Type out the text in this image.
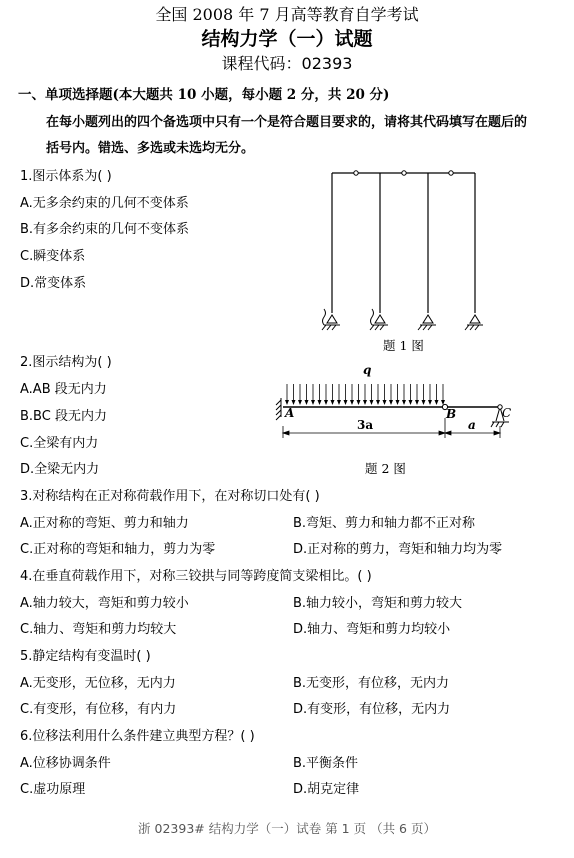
全国 2008 年 7 月高等教育自学考试
结构力学（一）试题
课程代码：02393
一、单项选择题(本大题共 10 小题，每小题 2 分，共 20 分)
在每小题列出的四个备选项中只有一个是符合题目要求的，请将其代码填写在题后的
括号内。错选、多选或未选均无分。
1.图示体系为( )
A.无多余约束的几何不变体系
B.有多余约束的几何不变体系
C.瞬变体系
D.常变体系
题 1 图
2.图示结构为( )
A.AB 段无内力
B.BC 段无内力
C.全梁有内力
D.全梁无内力
q
A	B	C
3a	a
题 2 图
3.对称结构在正对称荷载作用下，在对称切口处有( )
A.正对称的弯矩、剪力和轴力	B.弯矩、剪力和轴力都不正对称
C.正对称的弯矩和轴力，剪力为零	D.正对称的剪力，弯矩和轴力均为零
4.在垂直荷载作用下，对称三铰拱与同等跨度简支梁相比。( )
A.轴力较大，弯矩和剪力较小	B.轴力较小，弯矩和剪力较大
C.轴力、弯矩和剪力均较大	D.轴力、弯矩和剪力均较小
5.静定结构有变温时( )
A.无变形，无位移，无内力	B.无变形，有位移，无内力
C.有变形，有位移，有内力	D.有变形，有位移，无内力
6.位移法利用什么条件建立典型方程？( )
A.位移协调条件	B.平衡条件
C.虚功原理	D.胡克定律
浙 02393# 结构力学（一）试卷 第 1 页 （共 6 页）
